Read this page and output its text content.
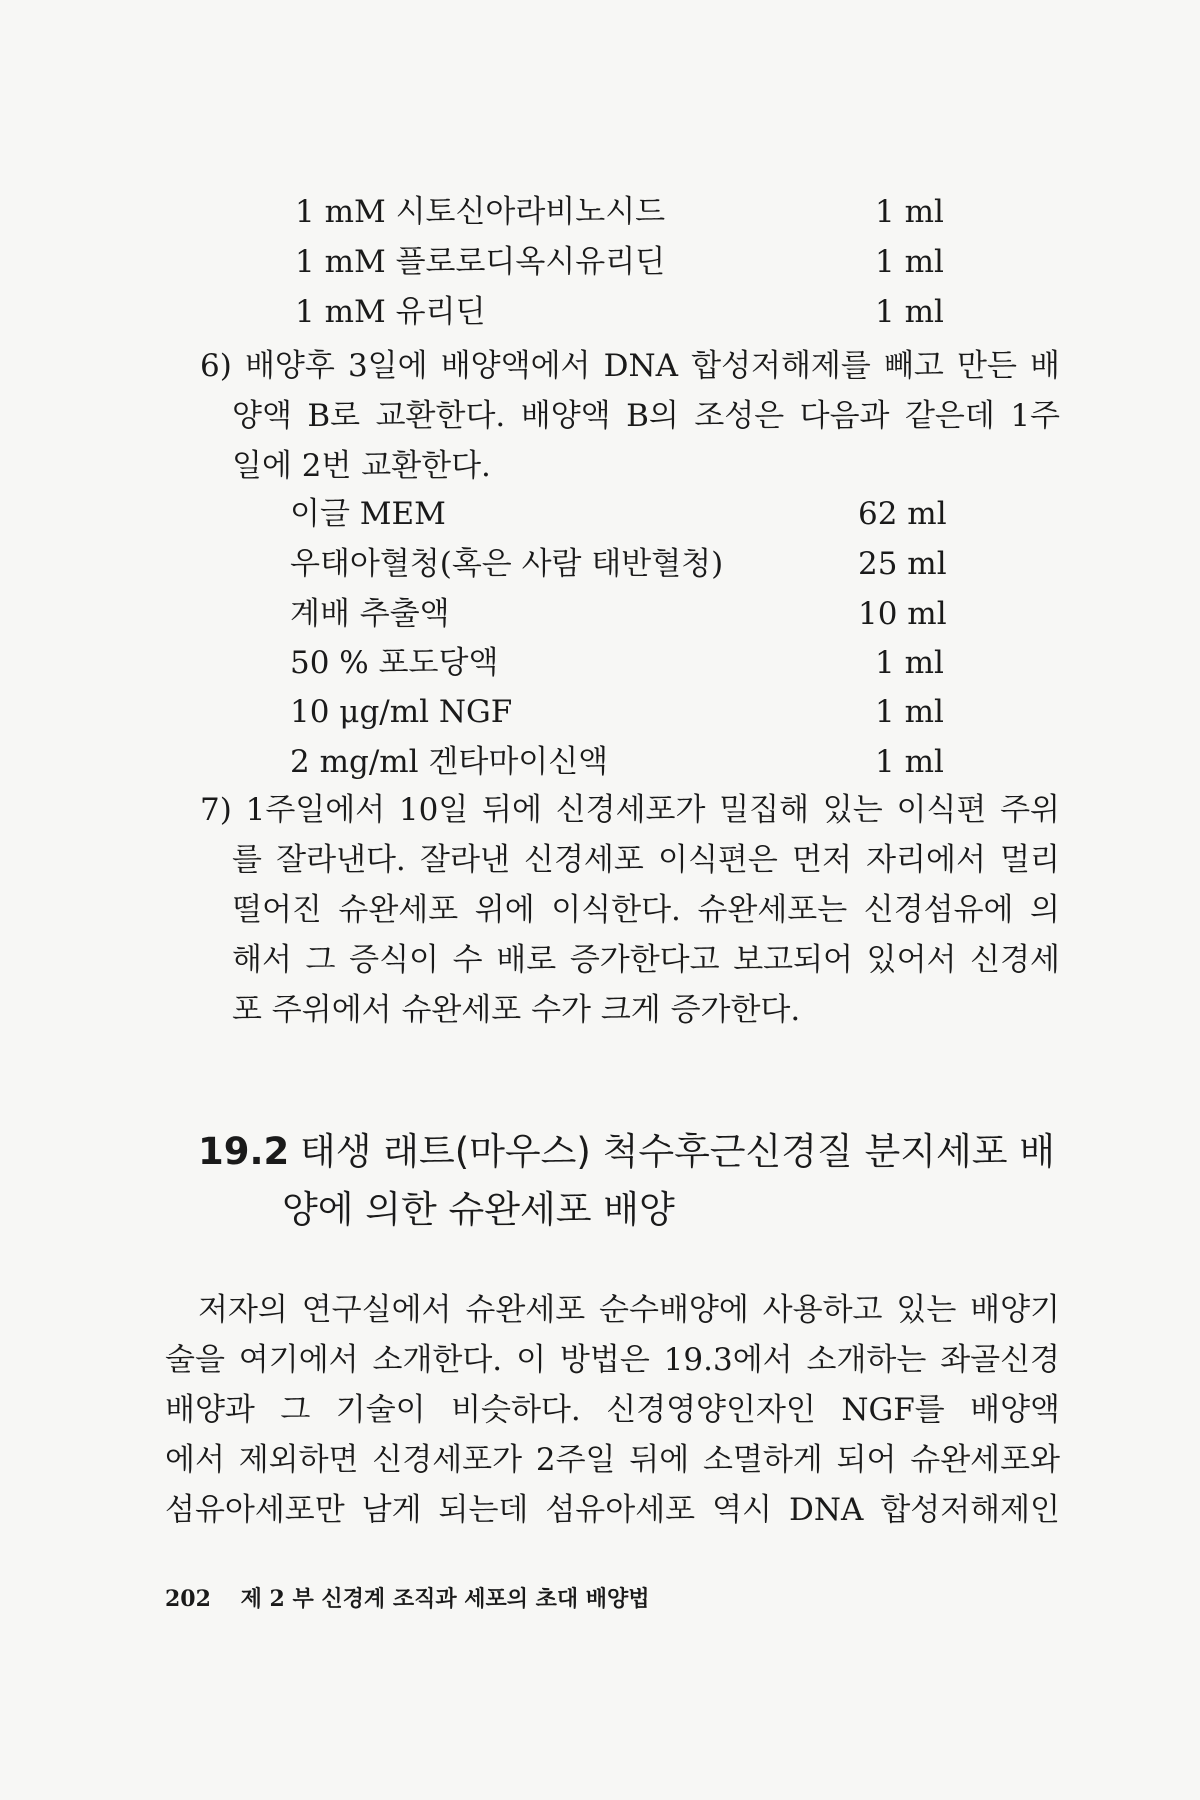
1 mM 시토신아라비노시드	1 ml
1 mM 플로로디옥시유리딘	1 ml
1 mM 유리딘	1 ml
6) 배양후 3일에 배양액에서 DNA 합성저해제를 빼고 만든 배
양액 B로 교환한다. 배양액 B의 조성은 다음과 같은데 1주
일에 2번 교환한다.
이글 MEM	62 ml
우태아혈청(혹은 사람 태반혈청)	25 ml
계배 추출액	10 ml
50 % 포도당액	1 ml
10 μg/ml NGF	1 ml
2 mg/ml 겐타마이신액	1 ml
7) 1주일에서 10일 뒤에 신경세포가 밀집해 있는 이식편 주위
를 잘라낸다. 잘라낸 신경세포 이식편은 먼저 자리에서 멀리
떨어진 슈완세포 위에 이식한다. 슈완세포는 신경섬유에 의
해서 그 증식이 수 배로 증가한다고 보고되어 있어서 신경세
포 주위에서 슈완세포 수가 크게 증가한다.
19.2 태생 래트(마우스) 척수후근신경질 분지세포 배
양에 의한 슈완세포 배양
저자의 연구실에서 슈완세포 순수배양에 사용하고 있는 배양기
술을 여기에서 소개한다. 이 방법은 19.3에서 소개하는 좌골신경
배양과 그 기술이 비슷하다. 신경영양인자인 NGF를 배양액
에서 제외하면 신경세포가 2주일 뒤에 소멸하게 되어 슈완세포와
섬유아세포만 남게 되는데 섬유아세포 역시 DNA 합성저해제인
202 제 2 부 신경계 조직과 세포의 초대 배양법
